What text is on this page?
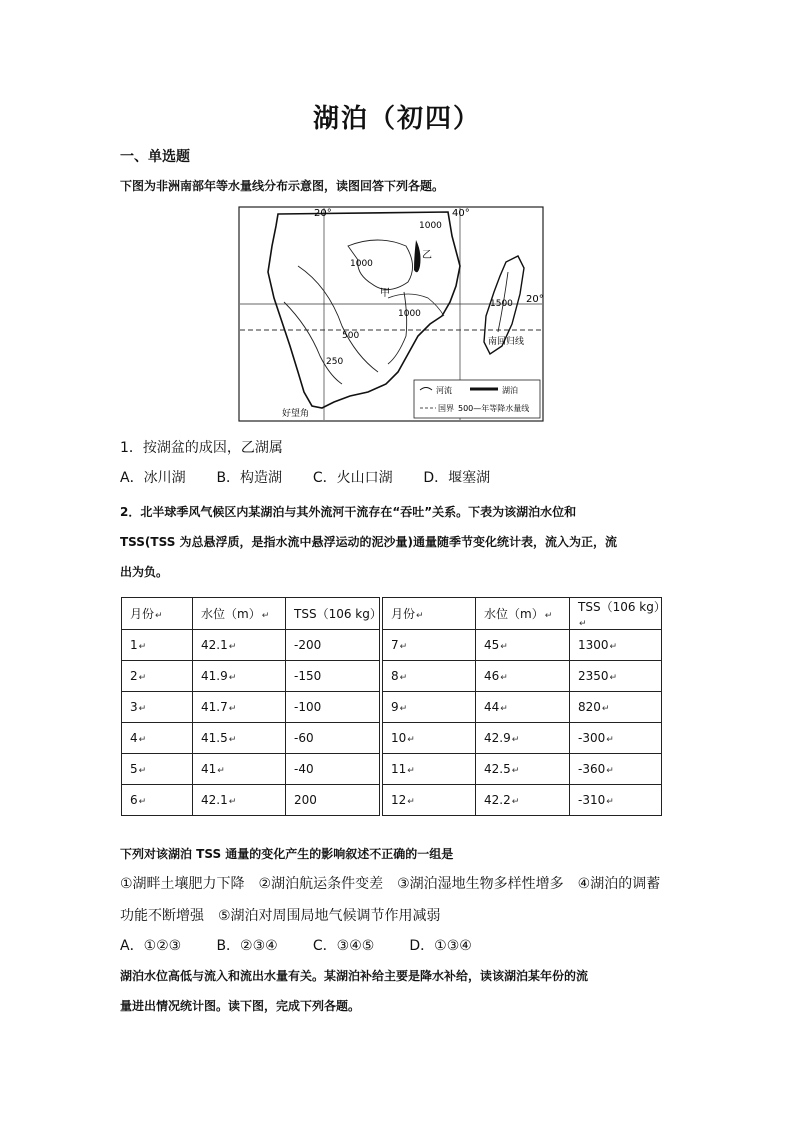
湖泊（初四）
一、单选题
下图为非洲南部年等水量线分布示意图，读图回答下列各题。
20°	40°
20°
1000
1000
500
250
1000
1500
乙
甲
南回归线
好望角
河流	湖泊
国界 500—年等降水量线
1．按湖盆的成因，乙湖属
A．冰川湖 B．构造湖 C．火山口湖 D．堰塞湖
2．北半球季风气候区内某湖泊与其外流河干流存在“吞吐”关系。下表为该湖泊水位和
TSS(TSS 为总悬浮质，是指水流中悬浮运动的泥沙量)通量随季节变化统计表，流入为正，流
出为负。
月份 ↵	水位（m） ↵	TSS（106 kg）	月份 ↵	水位（m） ↵	TSS（106 kg） ↵
1 ↵	42.1 ↵	-200	7 ↵	45 ↵	1300 ↵
2 ↵	41.9 ↵	-150	8 ↵	46 ↵	2350 ↵
3 ↵	41.7 ↵	-100	9 ↵	44 ↵	820 ↵
4 ↵	41.5 ↵	-60	10 ↵	42.9 ↵	-300 ↵
5 ↵	41 ↵	-40	11 ↵	42.5 ↵	-360 ↵
6 ↵	42.1 ↵	200	12 ↵	42.2 ↵	-310 ↵
下列对该湖泊 TSS 通量的变化产生的影响叙述不正确的一组是
①湖畔土壤肥力下降　②湖泊航运条件变差　③湖泊湿地生物多样性增多　④湖泊的调蓄
功能不断增强　⑤湖泊对周围局地气候调节作用减弱
A．①②③	B．②③④	C．③④⑤	D．①③④
湖泊水位高低与流入和流出水量有关。某湖泊补给主要是降水补给，读该湖泊某年份的流
量进出情况统计图。读下图，完成下列各题。
